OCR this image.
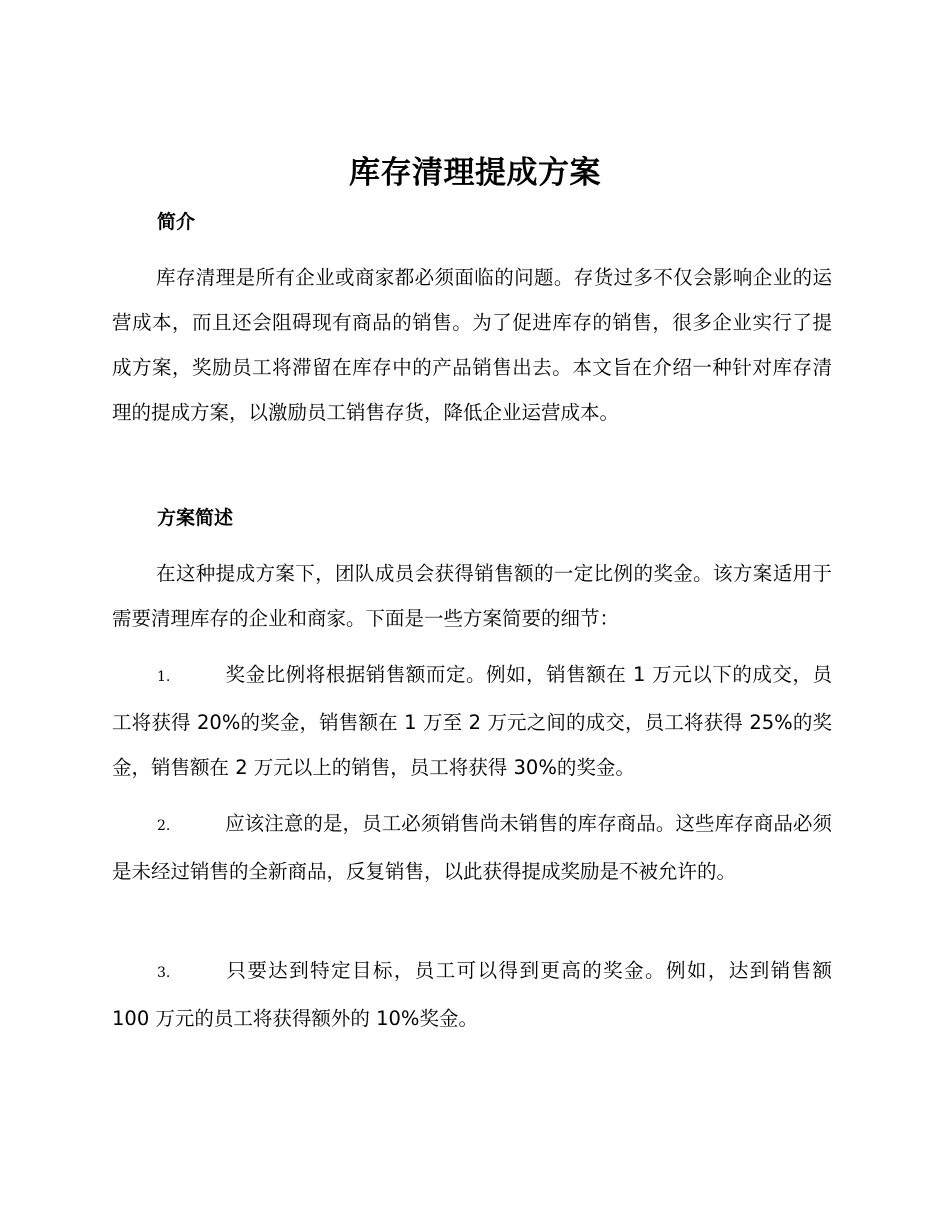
库存清理提成方案
简介

库存清理是所有企业或商家都必须面临的问题。存货过多不仅会影响企业的运营成本，而且还会阻碍现有商品的销售。为了促进库存的销售，很多企业实行了提成方案，奖励员工将滞留在库存中的产品销售出去。本文旨在介绍一种针对库存清理的提成方案，以激励员工销售存货，降低企业运营成本。

方案简述

在这种提成方案下，团队成员会获得销售额的一定比例的奖金。该方案适用于需要清理库存的企业和商家。下面是一些方案简要的细节：

1.	奖金比例将根据销售额而定。例如，销售额在 1 万元以下的成交，员工将获得 20%的奖金，销售额在 1 万至 2 万元之间的成交，员工将获得 25%的奖金，销售额在 2 万元以上的销售，员工将获得 30%的奖金。

2.	应该注意的是，员工必须销售尚未销售的库存商品。这些库存商品必须是未经过销售的全新商品，反复销售，以此获得提成奖励是不被允许的。

3.	只要达到特定目标，员工可以得到更高的奖金。例如，达到销售额 100 万元的员工将获得额外的 10%奖金。
